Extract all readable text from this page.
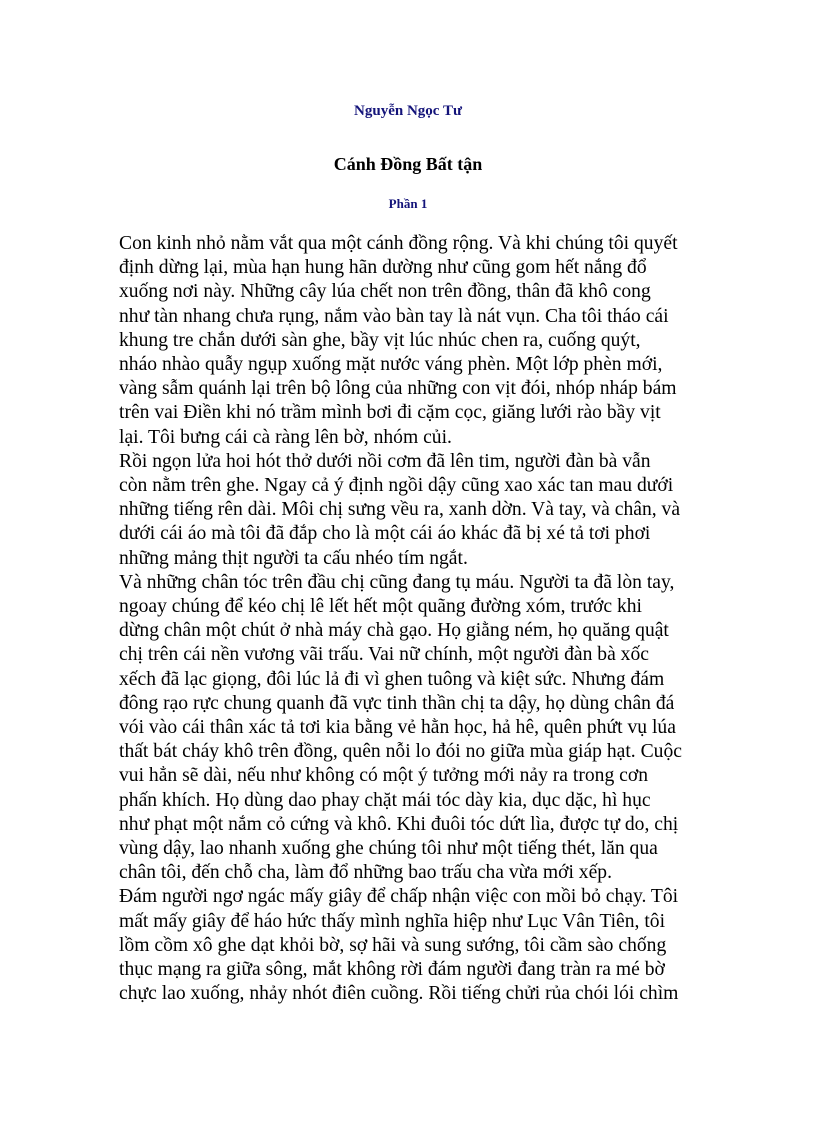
Nguyễn Ngọc Tư
Cánh Đồng Bất tận
Phần 1
Con kinh nhỏ nằm vắt qua một cánh đồng rộng. Và khi chúng tôi quyết
định dừng lại, mùa hạn hung hãn dường như cũng gom hết nắng đổ
xuống nơi này. Những cây lúa chết non trên đồng, thân đã khô cong
như tàn nhang chưa rụng, nắm vào bàn tay là nát vụn. Cha tôi tháo cái
khung tre chắn dưới sàn ghe, bầy vịt lúc nhúc chen ra, cuống quýt,
nháo nhào quẫy ngụp xuống mặt nước váng phèn. Một lớp phèn mới,
vàng sẫm quánh lại trên bộ lông của những con vịt đói, nhóp nháp bám
trên vai Điền khi nó trầm mình bơi đi cặm cọc, giăng lưới rào bầy vịt
lại. Tôi bưng cái cà ràng lên bờ, nhóm củi.
Rồi ngọn lửa hoi hót thở dưới nồi cơm đã lên tim, người đàn bà vẫn
còn nằm trên ghe. Ngay cả ý định ngồi dậy cũng xao xác tan mau dưới
những tiếng rên dài. Môi chị sưng vều ra, xanh dờn. Và tay, và chân, và
dưới cái áo mà tôi đã đắp cho là một cái áo khác đã bị xé tả tơi phơi
những mảng thịt người ta cấu nhéo tím ngắt.
Và những chân tóc trên đầu chị cũng đang tụ máu. Người ta đã lòn tay,
ngoay chúng để kéo chị lê lết hết một quãng đường xóm, trước khi
dừng chân một chút ở nhà máy chà gạo. Họ giằng ném, họ quăng quật
chị trên cái nền vương vãi trấu. Vai nữ chính, một người đàn bà xốc
xếch đã lạc giọng, đôi lúc lả đi vì ghen tuông và kiệt sức. Nhưng đám
đông rạo rực chung quanh đã vực tinh thần chị ta dậy, họ dùng chân đá
vói vào cái thân xác tả tơi kia bằng vẻ hằn học, hả hê, quên phứt vụ lúa
thất bát cháy khô trên đồng, quên nỗi lo đói no giữa mùa giáp hạt. Cuộc
vui hẳn sẽ dài, nếu như không có một ý tưởng mới nảy ra trong cơn
phấn khích. Họ dùng dao phay chặt mái tóc dày kia, dục dặc, hì hục
như phạt một nắm cỏ cứng và khô. Khi đuôi tóc dứt lìa, được tự do, chị
vùng dậy, lao nhanh xuống ghe chúng tôi như một tiếng thét, lăn qua
chân tôi, đến chỗ cha, làm đổ những bao trấu cha vừa mới xếp.
Đám người ngơ ngác mấy giây để chấp nhận việc con mồi bỏ chạy. Tôi
mất mấy giây để háo hức thấy mình nghĩa hiệp như Lục Vân Tiên, tôi
lồm cồm xô ghe dạt khỏi bờ, sợ hãi và sung sướng, tôi cầm sào chống
thục mạng ra giữa sông, mắt không rời đám người đang tràn ra mé bờ
chực lao xuống, nhảy nhót điên cuồng. Rồi tiếng chửi rủa chói lói chìm
